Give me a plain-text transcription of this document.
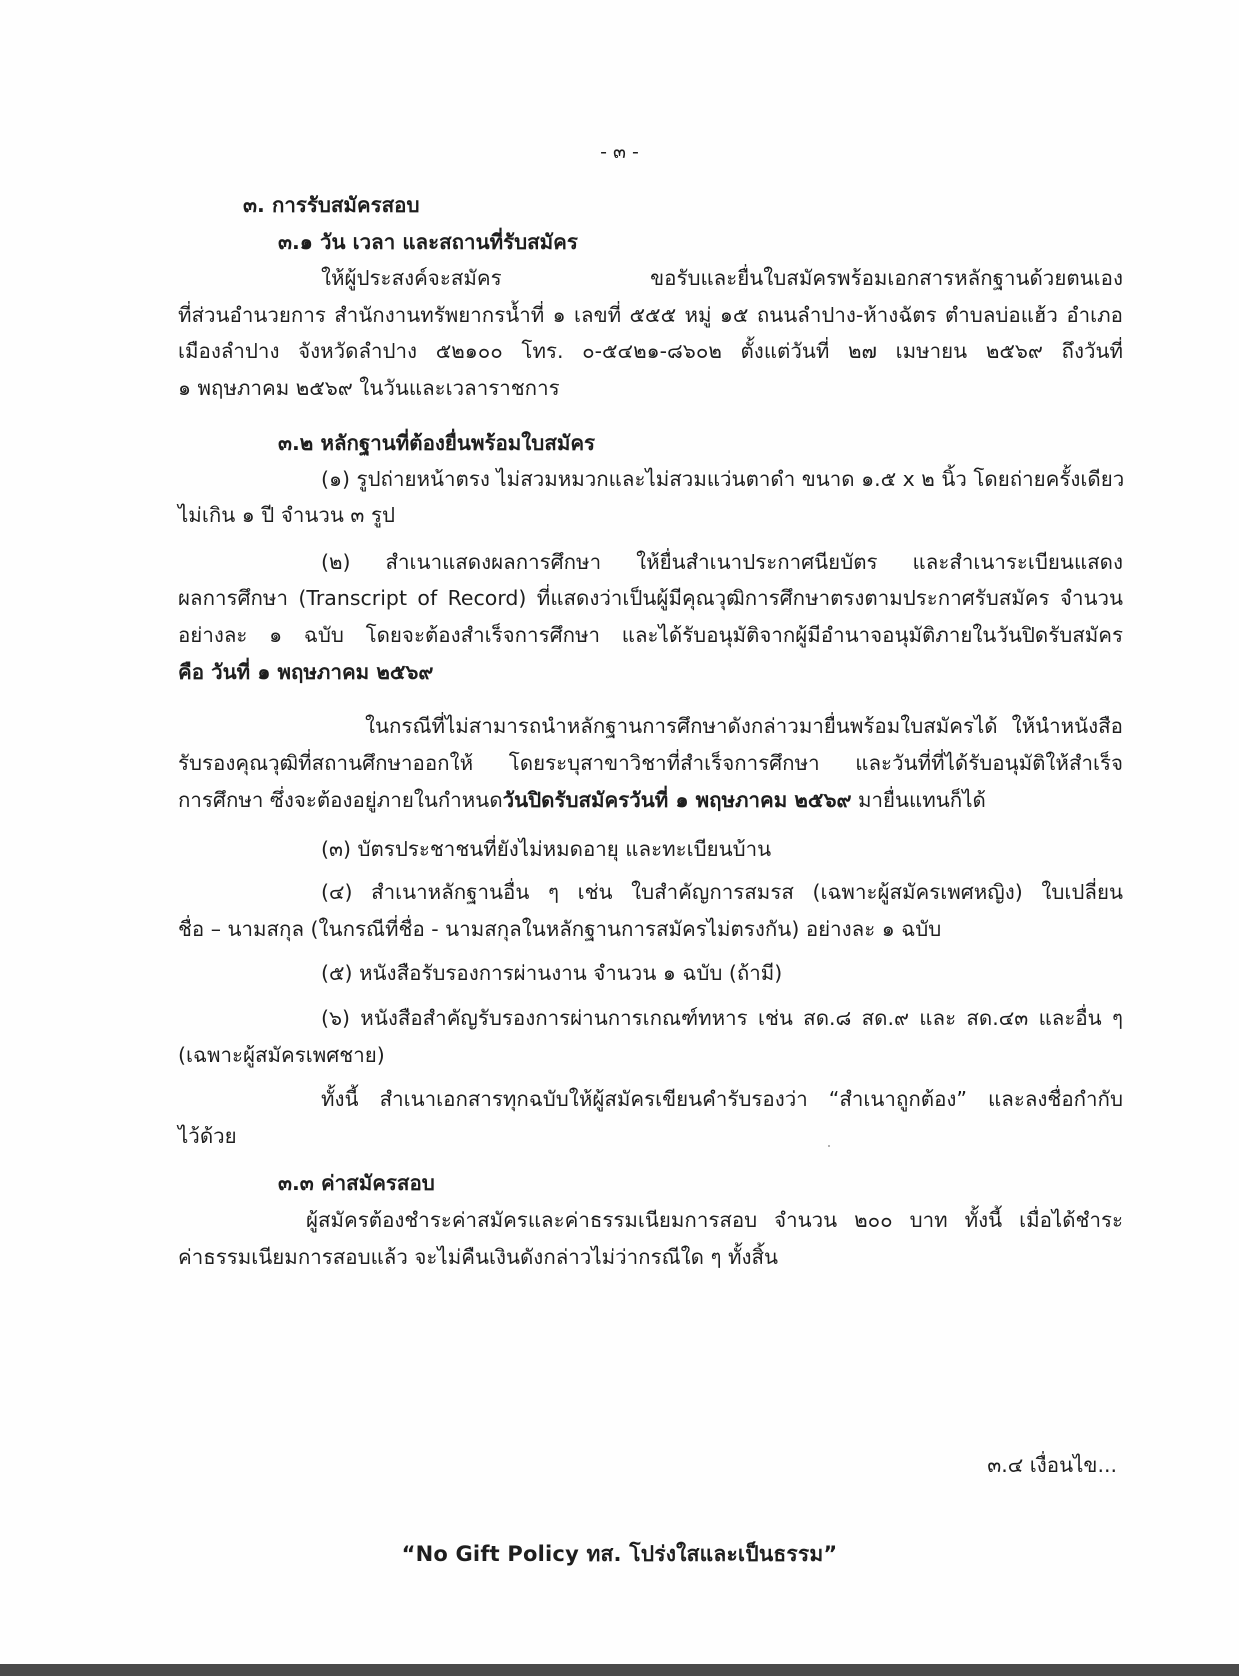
- ๓ -
๓. การรับสมัครสอบ
๓.๑ วัน เวลา และสถานที่รับสมัคร
ให้ผู้ประสงค์จะสมัคร ขอรับและยื่นใบสมัครพร้อมเอกสารหลักฐานด้วยตนเอง
ที่ส่วนอำนวยการ สำนักงานทรัพยากรน้ำที่ ๑ เลขที่ ๕๕๕ หมู่ ๑๕ ถนนลำปาง-ห้างฉัตร ตำบลบ่อแฮ้ว อำเภอ
เมืองลำปาง จังหวัดลำปาง ๕๒๑๐๐ โทร. ๐-๕๔๒๑-๘๖๐๒ ตั้งแต่วันที่ ๒๗ เมษายน ๒๕๖๙ ถึงวันที่
๑ พฤษภาคม ๒๕๖๙ ในวันและเวลาราชการ
๓.๒ หลักฐานที่ต้องยื่นพร้อมใบสมัคร
(๑) รูปถ่ายหน้าตรง ไม่สวมหมวกและไม่สวมแว่นตาดำ ขนาด ๑.๕ x ๒ นิ้ว โดยถ่ายครั้งเดียว
ไม่เกิน ๑ ปี จำนวน ๓ รูป
(๒) สำเนาแสดงผลการศึกษา ให้ยื่นสำเนาประกาศนียบัตร และสำเนาระเบียนแสดง
ผลการศึกษา (Transcript of Record) ที่แสดงว่าเป็นผู้มีคุณวุฒิการศึกษาตรงตามประกาศรับสมัคร จำนวน
อย่างละ ๑ ฉบับ โดยจะต้องสำเร็จการศึกษา และได้รับอนุมัติจากผู้มีอำนาจอนุมัติภายในวันปิดรับสมัคร
คือ วันที่ ๑ พฤษภาคม ๒๕๖๙
ในกรณีที่ไม่สามารถนำหลักฐานการศึกษาดังกล่าวมายื่นพร้อมใบสมัครได้ ให้นำหนังสือ
รับรองคุณวุฒิที่สถานศึกษาออกให้ โดยระบุสาขาวิชาที่สำเร็จการศึกษา และวันที่ที่ได้รับอนุมัติให้สำเร็จ
การศึกษา ซึ่งจะต้องอยู่ภายในกำหนดวันปิดรับสมัครวันที่ ๑ พฤษภาคม ๒๕๖๙ มายื่นแทนก็ได้
(๓) บัตรประชาชนที่ยังไม่หมดอายุ และทะเบียนบ้าน
(๔) สำเนาหลักฐานอื่น ๆ เช่น ใบสำคัญการสมรส (เฉพาะผู้สมัครเพศหญิง) ใบเปลี่ยน
ชื่อ – นามสกุล (ในกรณีที่ชื่อ - นามสกุลในหลักฐานการสมัครไม่ตรงกัน) อย่างละ ๑ ฉบับ
(๕) หนังสือรับรองการผ่านงาน จำนวน ๑ ฉบับ (ถ้ามี)
(๖) หนังสือสำคัญรับรองการผ่านการเกณฑ์ทหาร เช่น สด.๘ สด.๙ และ สด.๔๓ และอื่น ๆ
(เฉพาะผู้สมัครเพศชาย)
ทั้งนี้ สำเนาเอกสารทุกฉบับให้ผู้สมัครเขียนคำรับรองว่า “สำเนาถูกต้อง” และลงชื่อกำกับ
ไว้ด้วย
๓.๓ ค่าสมัครสอบ
ผู้สมัครต้องชำระค่าสมัครและค่าธรรมเนียมการสอบ จำนวน ๒๐๐ บาท ทั้งนี้ เมื่อได้ชำระ
ค่าธรรมเนียมการสอบแล้ว จะไม่คืนเงินดังกล่าวไม่ว่ากรณีใด ๆ ทั้งสิ้น
๓.๔ เงื่อนไข...
“No Gift Policy ทส. โปร่งใสและเป็นธรรม”
